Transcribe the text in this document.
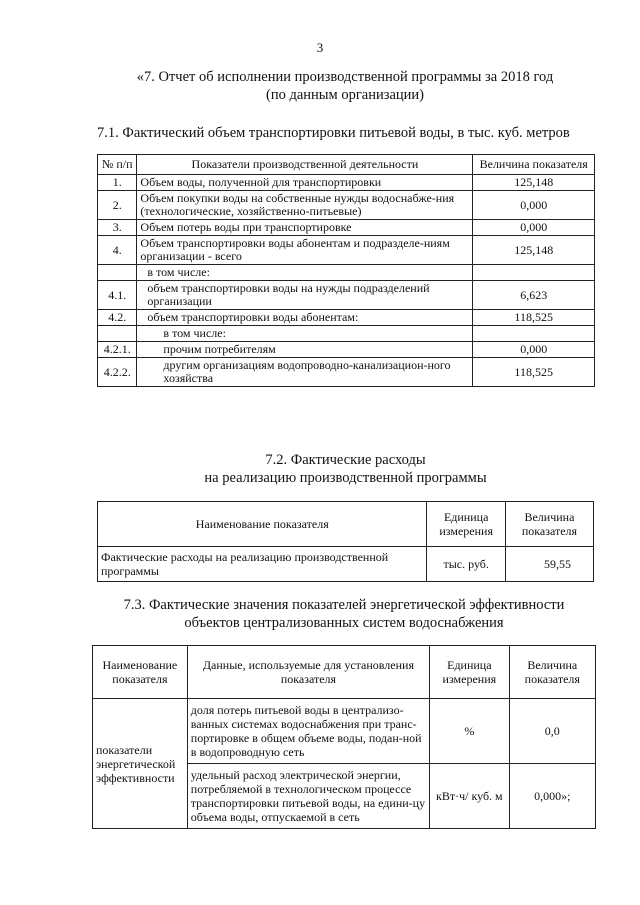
3
«7. Отчет об исполнении производственной программы за 2018 год
(по данным организации)
7.1. Фактический объем транспортировки питьевой воды, в тыс. куб. метров
№ п/п	Показатели производственной деятельности	Величина показателя
1.	Объем воды, полученной для транспортировки	125,148
2.	Объем покупки воды на собственные нужды водоснабже-ния (технологические, хозяйственно-питьевые)	0,000
3.	Объем потерь воды при транспортировке	0,000
4.	Объем транспортировки воды абонентам и подразделе-ниям организации - всего	125,148
	в том числе:	
4.1.	объем транспортировки воды на нужды подразделений организации	6,623
4.2.	объем транспортировки воды абонентам:	118,525
	в том числе:	
4.2.1.	прочим потребителям	0,000
4.2.2.	другим организациям водопроводно-канализацион-ного хозяйства	118,525
7.2. Фактические расходы
на реализацию производственной программы
Наименование показателя	Единица измерения	Величина показателя
Фактические расходы на реализацию производственной программы	тыс. руб.	59,55
7.3. Фактические значения показателей энергетической эффективности
объектов централизованных систем водоснабжения
Наименование показателя	Данные, используемые для установления показателя	Единица измерения	Величина показателя
показатели энергетической эффективности	доля потерь питьевой воды в централизо-ванных системах водоснабжения при транс-портировке в общем объеме воды, подан-ной в водопроводную сеть	%	0,0
	удельный расход электрической энергии, потребляемой в технологическом процессе транспортировки питьевой воды, на едини-цу объема воды, отпускаемой в сеть	кВт·ч/ куб. м	0,000»;
